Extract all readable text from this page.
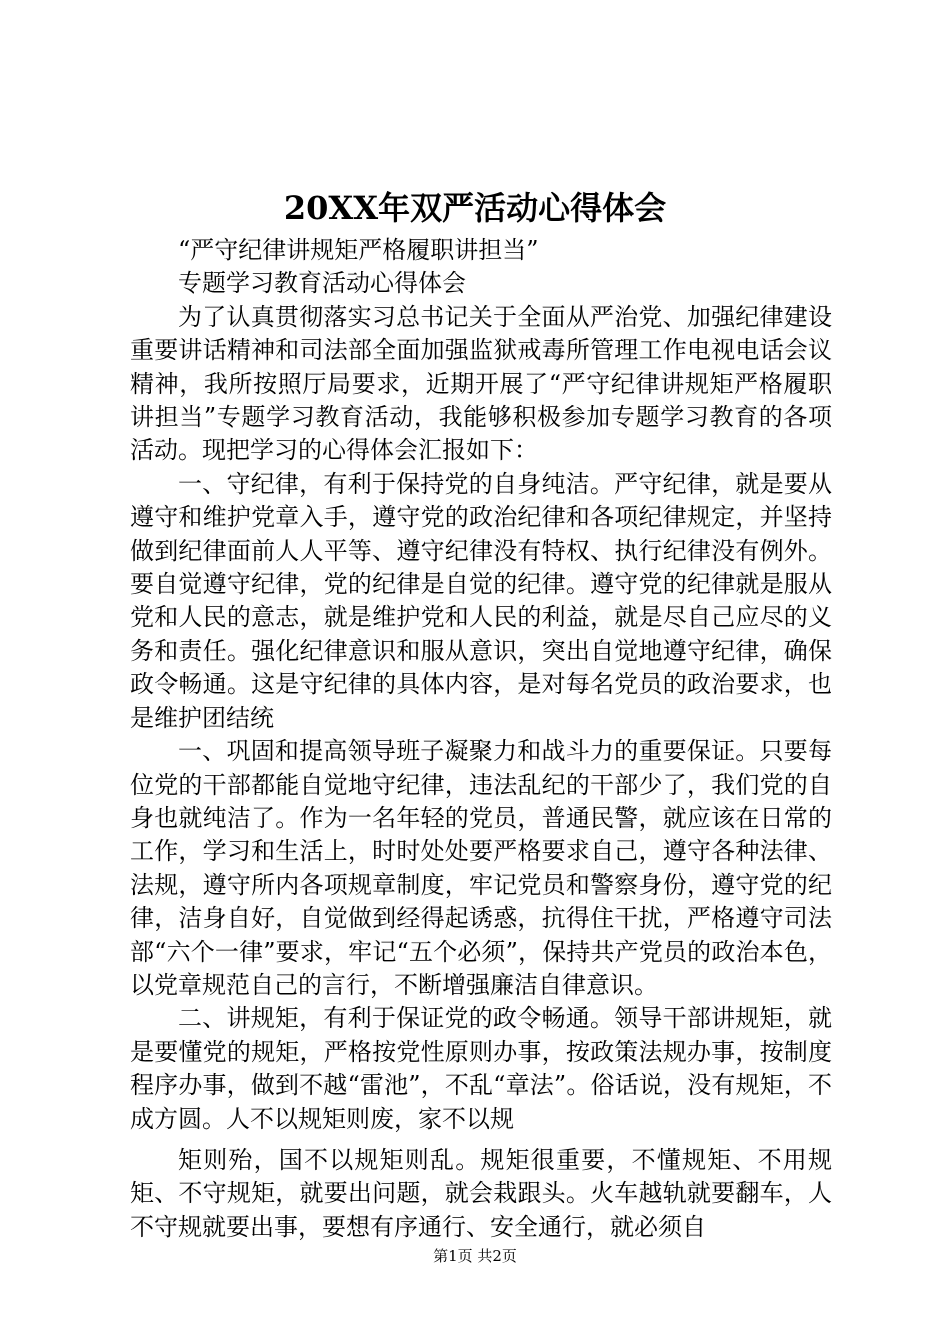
20XX年双严活动心得体会

“严守纪律讲规矩严格履职讲担当”

专题学习教育活动心得体会

为了认真贯彻落实习总书记关于全面从严治党、加强纪律建设重要讲话精神和司法部全面加强监狱戒毒所管理工作电视电话会议精神，我所按照厅局要求，近期开展了“严守纪律讲规矩严格履职讲担当”专题学习教育活动，我能够积极参加专题学习教育的各项活动。现把学习的心得体会汇报如下：

一、守纪律，有利于保持党的自身纯洁。严守纪律，就是要从遵守和维护党章入手，遵守党的政治纪律和各项纪律规定，并坚持做到纪律面前人人平等、遵守纪律没有特权、执行纪律没有例外。要自觉遵守纪律，党的纪律是自觉的纪律。遵守党的纪律就是服从党和人民的意志，就是维护党和人民的利益，就是尽自己应尽的义务和责任。强化纪律意识和服从意识，突出自觉地遵守纪律，确保政令畅通。这是守纪律的具体内容，是对每名党员的政治要求，也是维护团结统

一、巩固和提高领导班子凝聚力和战斗力的重要保证。只要每位党的干部都能自觉地守纪律，违法乱纪的干部少了，我们党的自身也就纯洁了。作为一名年轻的党员，普通民警，就应该在日常的工作，学习和生活上，时时处处要严格要求自己，遵守各种法律、法规，遵守所内各项规章制度，牢记党员和警察身份，遵守党的纪律，洁身自好，自觉做到经得起诱惑，抗得住干扰，严格遵守司法部“六个一律”要求，牢记“五个必须”，保持共产党员的政治本色，以党章规范自己的言行，不断增强廉洁自律意识。

二、讲规矩，有利于保证党的政令畅通。领导干部讲规矩，就是要懂党的规矩，严格按党性原则办事，按政策法规办事，按制度程序办事，做到不越“雷池”，不乱“章法”。俗话说，没有规矩，不成方圆。人不以规矩则废，家不以规

矩则殆，国不以规矩则乱。规矩很重要，不懂规矩、不用规矩、不守规矩，就要出问题，就会栽跟头。火车越轨就要翻车，人不守规就要出事，要想有序通行、安全通行，就必须自

第1页 共2页
